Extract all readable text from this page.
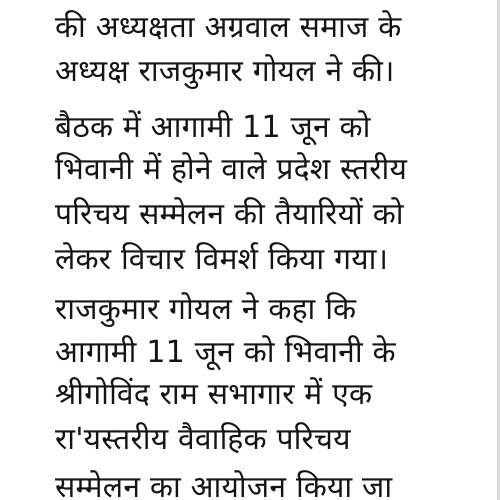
की अध्यक्षता अग्रवाल समाज के
अध्यक्ष राजकुमार गोयल ने की।
बैठक में आगामी 11 जून को
भिवानी में होने वाले प्रदेश स्तरीय
परिचय सम्मेलन की तैयारियों को
लेकर विचार विमर्श किया गया।
राजकुमार गोयल ने कहा कि
आगामी 11 जून को भिवानी के
श्रीगोविंद राम सभागार में एक
रा'यस्तरीय वैवाहिक परिचय
सम्मेलन का आयोजन किया जा
